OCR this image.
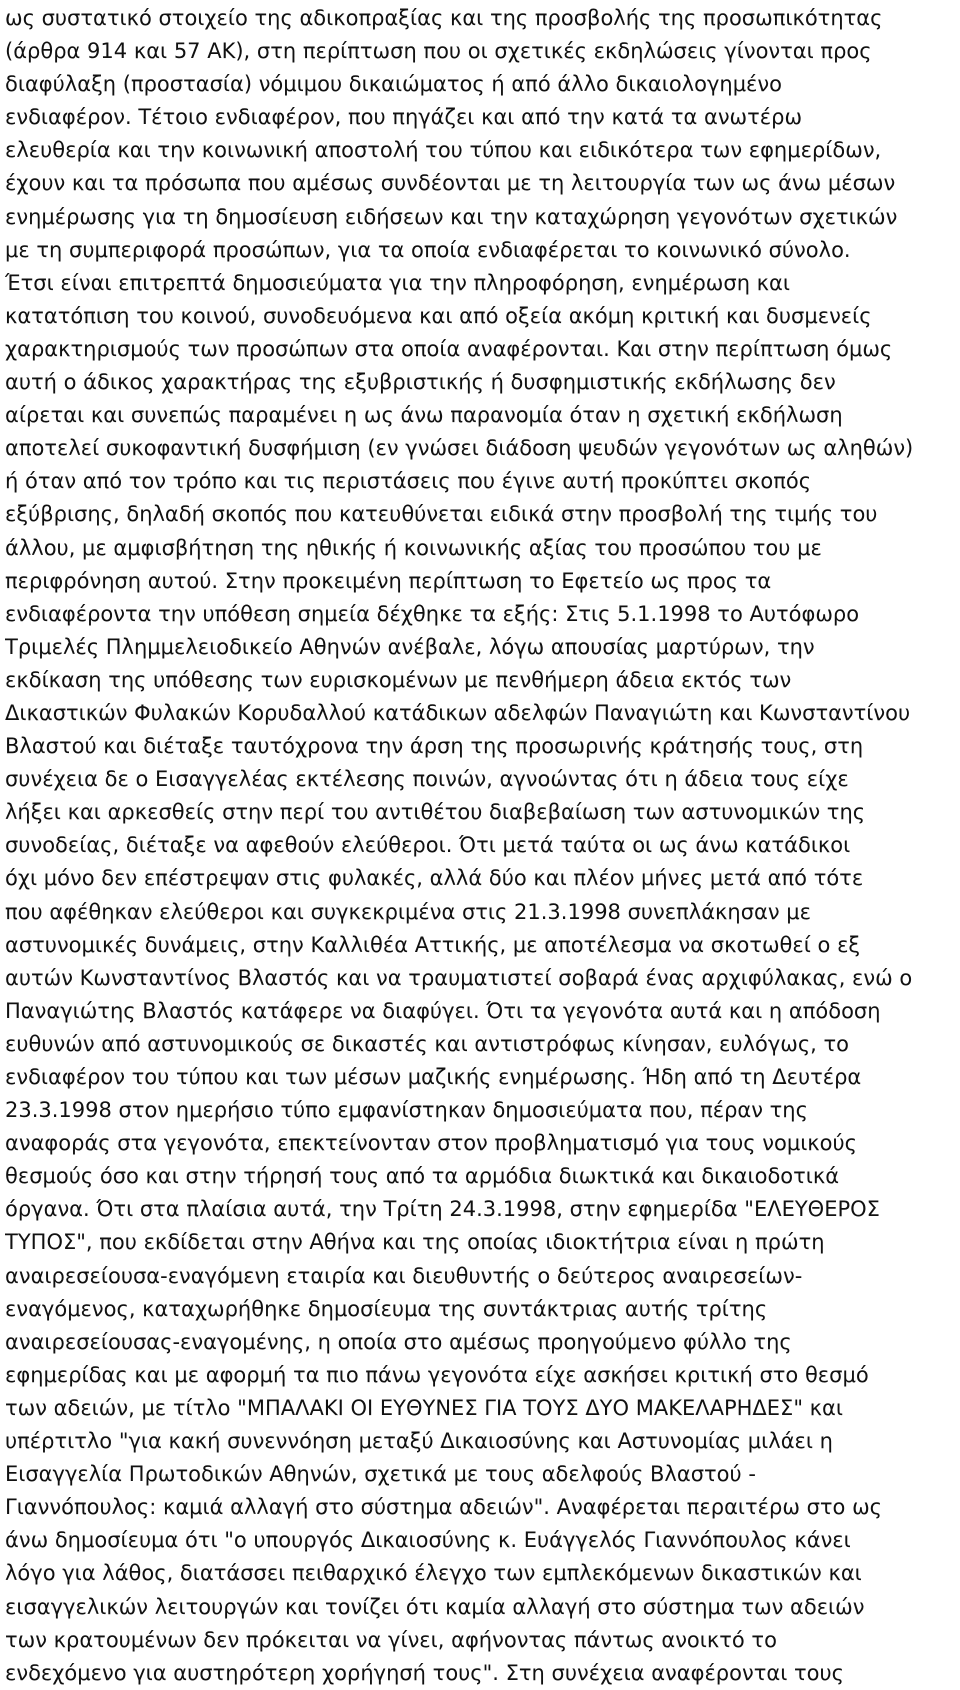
ως συστατικό στοιχείο της αδικοπραξίας και της προσβολής της προσωπικότητας
(άρθρα 914 και 57 ΑΚ), στη περίπτωση που οι σχετικές εκδηλώσεις γίνονται προς
διαφύλαξη (προστασία) νόμιμου δικαιώματος ή από άλλο δικαιολογημένο
ενδιαφέρον. Τέτοιο ενδιαφέρον, που πηγάζει και από την κατά τα ανωτέρω
ελευθερία και την κοινωνική αποστολή του τύπου και ειδικότερα των εφημερίδων,
έχουν και τα πρόσωπα που αμέσως συνδέονται με τη λειτουργία των ως άνω μέσων
ενημέρωσης για τη δημοσίευση ειδήσεων και την καταχώρηση γεγονότων σχετικών
με τη συμπεριφορά προσώπων, για τα οποία ενδιαφέρεται το κοινωνικό σύνολο.
Έτσι είναι επιτρεπτά δημοσιεύματα για την πληροφόρηση, ενημέρωση και
κατατόπιση του κοινού, συνοδευόμενα και από οξεία ακόμη κριτική και δυσμενείς
χαρακτηρισμούς των προσώπων στα οποία αναφέρονται. Και στην περίπτωση όμως
αυτή ο άδικος χαρακτήρας της εξυβριστικής ή δυσφημιστικής εκδήλωσης δεν
αίρεται και συνεπώς παραμένει η ως άνω παρανομία όταν η σχετική εκδήλωση
αποτελεί συκοφαντική δυσφήμιση (εν γνώσει διάδοση ψευδών γεγονότων ως αληθών)
ή όταν από τον τρόπο και τις περιστάσεις που έγινε αυτή προκύπτει σκοπός
εξύβρισης, δηλαδή σκοπός που κατευθύνεται ειδικά στην προσβολή της τιμής του
άλλου, με αμφισβήτηση της ηθικής ή κοινωνικής αξίας του προσώπου του με
περιφρόνηση αυτού. Στην προκειμένη περίπτωση το Εφετείο ως προς τα
ενδιαφέροντα την υπόθεση σημεία δέχθηκε τα εξής: Στις 5.1.1998 το Αυτόφωρο
Τριμελές Πλημμελειοδικείο Αθηνών ανέβαλε, λόγω απουσίας μαρτύρων, την
εκδίκαση της υπόθεσης των ευρισκομένων με πενθήμερη άδεια εκτός των
Δικαστικών Φυλακών Κορυδαλλού κατάδικων αδελφών Παναγιώτη και Κωνσταντίνου
Βλαστού και διέταξε ταυτόχρονα την άρση της προσωρινής κράτησής τους, στη
συνέχεια δε ο Εισαγγελέας εκτέλεσης ποινών, αγνοώντας ότι η άδεια τους είχε
λήξει και αρκεσθείς στην περί του αντιθέτου διαβεβαίωση των αστυνομικών της
συνοδείας, διέταξε να αφεθούν ελεύθεροι. Ότι μετά ταύτα οι ως άνω κατάδικοι
όχι μόνο δεν επέστρεψαν στις φυλακές, αλλά δύο και πλέον μήνες μετά από τότε
που αφέθηκαν ελεύθεροι και συγκεκριμένα στις 21.3.1998 συνεπλάκησαν με
αστυνομικές δυνάμεις, στην Καλλιθέα Αττικής, με αποτέλεσμα να σκοτωθεί ο εξ
αυτών Κωνσταντίνος Βλαστός και να τραυματιστεί σοβαρά ένας αρχιφύλακας, ενώ ο
Παναγιώτης Βλαστός κατάφερε να διαφύγει. Ότι τα γεγονότα αυτά και η απόδοση
ευθυνών από αστυνομικούς σε δικαστές και αντιστρόφως κίνησαν, ευλόγως, το
ενδιαφέρον του τύπου και των μέσων μαζικής ενημέρωσης. Ήδη από τη Δευτέρα
23.3.1998 στον ημερήσιο τύπο εμφανίστηκαν δημοσιεύματα που, πέραν της
αναφοράς στα γεγονότα, επεκτείνονταν στον προβληματισμό για τους νομικούς
θεσμούς όσο και στην τήρησή τους από τα αρμόδια διωκτικά και δικαιοδοτικά
όργανα. Ότι στα πλαίσια αυτά, την Τρίτη 24.3.1998, στην εφημερίδα "ΕΛΕΥΘΕΡΟΣ
ΤΥΠΟΣ", που εκδίδεται στην Αθήνα και της οποίας ιδιοκτήτρια είναι η πρώτη
αναιρεσείουσα-εναγόμενη εταιρία και διευθυντής ο δεύτερος αναιρεσείων-
εναγόμενος, καταχωρήθηκε δημοσίευμα της συντάκτριας αυτής τρίτης
αναιρεσείουσας-εναγομένης, η οποία στο αμέσως προηγούμενο φύλλο της
εφημερίδας και με αφορμή τα πιο πάνω γεγονότα είχε ασκήσει κριτική στο θεσμό
των αδειών, με τίτλο "ΜΠΑΛΑΚΙ ΟΙ ΕΥΘΥΝΕΣ ΓΙΑ ΤΟΥΣ ΔΥΟ ΜΑΚΕΛΑΡΗΔΕΣ" και
υπέρτιτλο "για κακή συνεννόηση μεταξύ Δικαιοσύνης και Αστυνομίας μιλάει η
Εισαγγελία Πρωτοδικών Αθηνών, σχετικά με τους αδελφούς Βλαστού -
Γιαννόπουλος: καμιά αλλαγή στο σύστημα αδειών". Αναφέρεται περαιτέρω στο ως
άνω δημοσίευμα ότι "ο υπουργός Δικαιοσύνης κ. Ευάγγελός Γιαννόπουλος κάνει
λόγο για λάθος, διατάσσει πειθαρχικό έλεγχο των εμπλεκόμενων δικαστικών και
εισαγγελικών λειτουργών και τονίζει ότι καμία αλλαγή στο σύστημα των αδειών
των κρατουμένων δεν πρόκειται να γίνει, αφήνοντας πάντως ανοικτό το
ενδεχόμενο για αυστηρότερη χορήγησή τους". Στη συνέχεια αναφέρονται τους
